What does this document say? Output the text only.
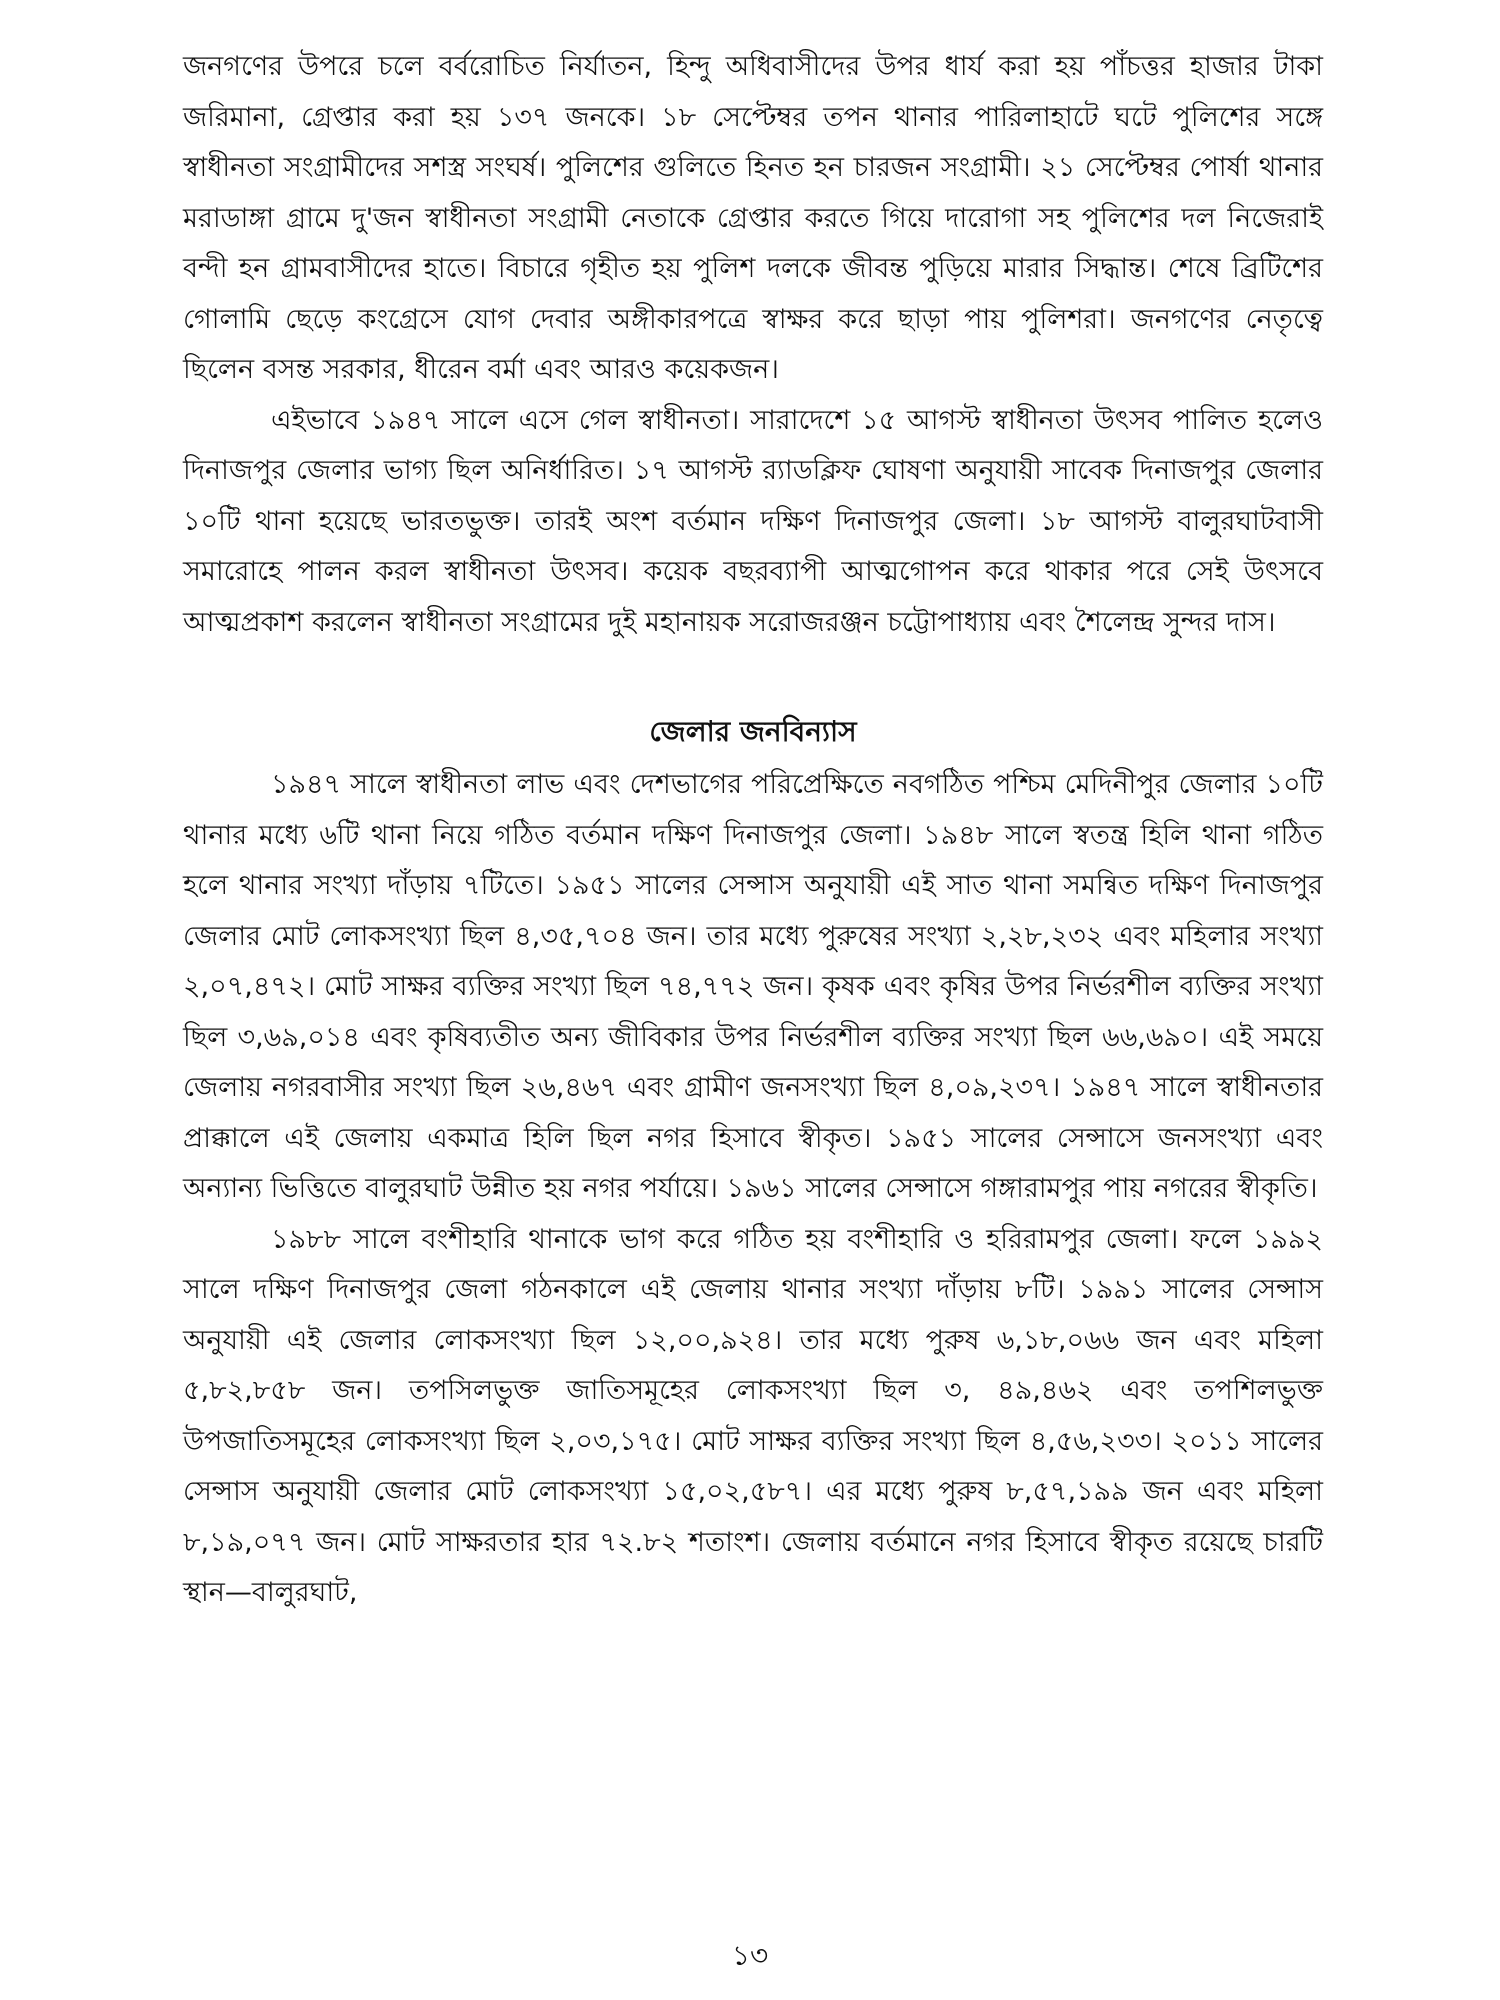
জনগণের উপরে চলে বর্বরোচিত নির্যাতন, হিন্দু অধিবাসীদের উপর ধার্য করা হয় পাঁচত্তর হাজার টাকা জরিমানা, গ্রেপ্তার করা হয় ১৩৭ জনকে। ১৮ সেপ্টেম্বর তপন থানার পারিলাহাটে ঘটে পুলিশের সঙ্গে স্বাধীনতা সংগ্রামীদের সশস্ত্র সংঘর্ষ। পুলিশের গুলিতে হিনত হন চারজন সংগ্রামী। ২১ সেপ্টেম্বর পোর্ষা থানার মরাডাঙ্গা গ্রামে দু'জন স্বাধীনতা সংগ্রামী নেতাকে গ্রেপ্তার করতে গিয়ে দারোগা সহ পুলিশের দল নিজেরাই বন্দী হন গ্রামবাসীদের হাতে। বিচারে গৃহীত হয় পুলিশ দলকে জীবন্ত পুড়িয়ে মারার সিদ্ধান্ত। শেষে ব্রিটিশের গোলামি ছেড়ে কংগ্রেসে যোগ দেবার অঙ্গীকারপত্রে স্বাক্ষর করে ছাড়া পায় পুলিশরা। জনগণের নেতৃত্বে ছিলেন বসন্ত সরকার, ধীরেন বর্মা এবং আরও কয়েকজন।

এইভাবে ১৯৪৭ সালে এসে গেল স্বাধীনতা। সারাদেশে ১৫ আগস্ট স্বাধীনতা উৎসব পালিত হলেও দিনাজপুর জেলার ভাগ্য ছিল অনির্ধারিত। ১৭ আগস্ট র‍্যাডক্লিফ ঘোষণা অনুযায়ী সাবেক দিনাজপুর জেলার ১০টি থানা হয়েছে ভারতভুক্ত। তারই অংশ বর্তমান দক্ষিণ দিনাজপুর জেলা। ১৮ আগস্ট বালুরঘাটবাসী সমারোহে পালন করল স্বাধীনতা উৎসব। কয়েক বছরব্যাপী আত্মগোপন করে থাকার পরে সেই উৎসবে আত্মপ্রকাশ করলেন স্বাধীনতা সংগ্রামের দুই মহানায়ক সরোজরঞ্জন চট্টোপাধ্যায় এবং শৈলেন্দ্র সুন্দর দাস।

জেলার জনবিন্যাস

১৯৪৭ সালে স্বাধীনতা লাভ এবং দেশভাগের পরিপ্রেক্ষিতে নবগঠিত পশ্চিম মেদিনীপুর জেলার ১০টি থানার মধ্যে ৬টি থানা নিয়ে গঠিত বর্তমান দক্ষিণ দিনাজপুর জেলা। ১৯৪৮ সালে স্বতন্ত্র হিলি থানা গঠিত হলে থানার সংখ্যা দাঁড়ায় ৭টিতে। ১৯৫১ সালের সেন্সাস অনুযায়ী এই সাত থানা সমন্বিত দক্ষিণ দিনাজপুর জেলার মোট লোকসংখ্যা ছিল ৪,৩৫,৭০৪ জন। তার মধ্যে পুরুষের সংখ্যা ২,২৮,২৩২ এবং মহিলার সংখ্যা ২,০৭,৪৭২। মোট সাক্ষর ব্যক্তির সংখ্যা ছিল ৭৪,৭৭২ জন। কৃষক এবং কৃষির উপর নির্ভরশীল ব্যক্তির সংখ্যা ছিল ৩,৬৯,০১৪ এবং কৃষিব্যতীত অন্য জীবিকার উপর নির্ভরশীল ব্যক্তির সংখ্যা ছিল ৬৬,৬৯০। এই সময়ে জেলায় নগরবাসীর সংখ্যা ছিল ২৬,৪৬৭ এবং গ্রামীণ জনসংখ্যা ছিল ৪,০৯,২৩৭। ১৯৪৭ সালে স্বাধীনতার প্রাক্কালে এই জেলায় একমাত্র হিলি ছিল নগর হিসাবে স্বীকৃত। ১৯৫১ সালের সেন্সাসে জনসংখ্যা এবং অন্যান্য ভিত্তিতে বালুরঘাট উন্নীত হয় নগর পর্যায়ে। ১৯৬১ সালের সেন্সাসে গঙ্গারামপুর পায় নগরের স্বীকৃতি।

১৯৮৮ সালে বংশীহারি থানাকে ভাগ করে গঠিত হয় বংশীহারি ও হরিরামপুর জেলা। ফলে ১৯৯২ সালে দক্ষিণ দিনাজপুর জেলা গঠনকালে এই জেলায় থানার সংখ্যা দাঁড়ায় ৮টি। ১৯৯১ সালের সেন্সাস অনুযায়ী এই জেলার লোকসংখ্যা ছিল ১২,০০,৯২৪। তার মধ্যে পুরুষ ৬,১৮,০৬৬ জন এবং মহিলা ৫,৮২,৮৫৮ জন। তপসিলভুক্ত জাতিসমূহের লোকসংখ্যা ছিল ৩, ৪৯,৪৬২ এবং তপশিলভুক্ত উপজাতিসমূহের লোকসংখ্যা ছিল ২,০৩,১৭৫। মোট সাক্ষর ব্যক্তির সংখ্যা ছিল ৪,৫৬,২৩৩। ২০১১ সালের সেন্সাস অনুযায়ী জেলার মোট লোকসংখ্যা ১৫,০২,৫৮৭। এর মধ্যে পুরুষ ৮,৫৭,১৯৯ জন এবং মহিলা ৮,১৯,০৭৭ জন। মোট সাক্ষরতার হার ৭২.৮২ শতাংশ। জেলায় বর্তমানে নগর হিসাবে স্বীকৃত রয়েছে চারটি স্থান—বালুরঘাট,

১৩
